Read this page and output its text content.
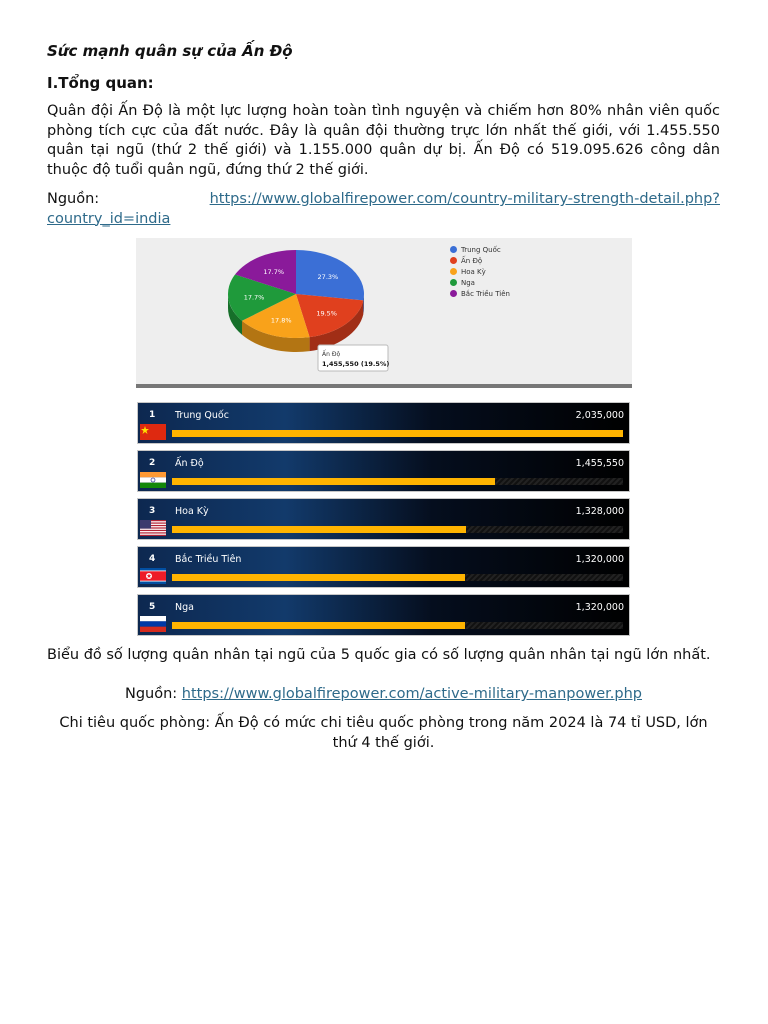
Sức mạnh quân sự của Ấn Độ

I.Tổng quan:

Quân đội Ấn Độ là một lực lượng hoàn toàn tình nguyện và chiếm hơn 80% nhân viên quốc phòng tích cực của đất nước. Đây là quân đội thường trực lớn nhất thế giới, với 1.455.550 quân tại ngũ (thứ 2 thế giới) và 1.155.000 quân dự bị. Ấn Độ có 519.095.626 công dân thuộc độ tuổi quân ngũ, đứng thứ 2 thế giới.

Nguồn:	https://www.globalfirepower.com/country-military-strength-detail.php?
country_id=india
27.3%
19.5%
17.8%
17.7%
17.7%
Ấn Độ
1,455,550 (19.5%)
Trung Quốc
Ấn Độ
Hoa Kỳ
Nga
Bắc Triều Tiên
1 Trung Quốc	2,035,000
2 Ấn Độ	1,455,550
3 Hoa Kỳ	1,328,000
4 Bắc Triều Tiên	1,320,000
5 Nga	1,320,000
Biểu đồ số lượng quân nhân tại ngũ của 5 quốc gia có số lượng quân nhân tại ngũ lớn nhất.
Nguồn: https://www.globalfirepower.com/active-military-manpower.php
Chi tiêu quốc phòng: Ấn Độ có mức chi tiêu quốc phòng trong năm 2024 là 74 tỉ USD, lớn thứ 4 thế giới.
